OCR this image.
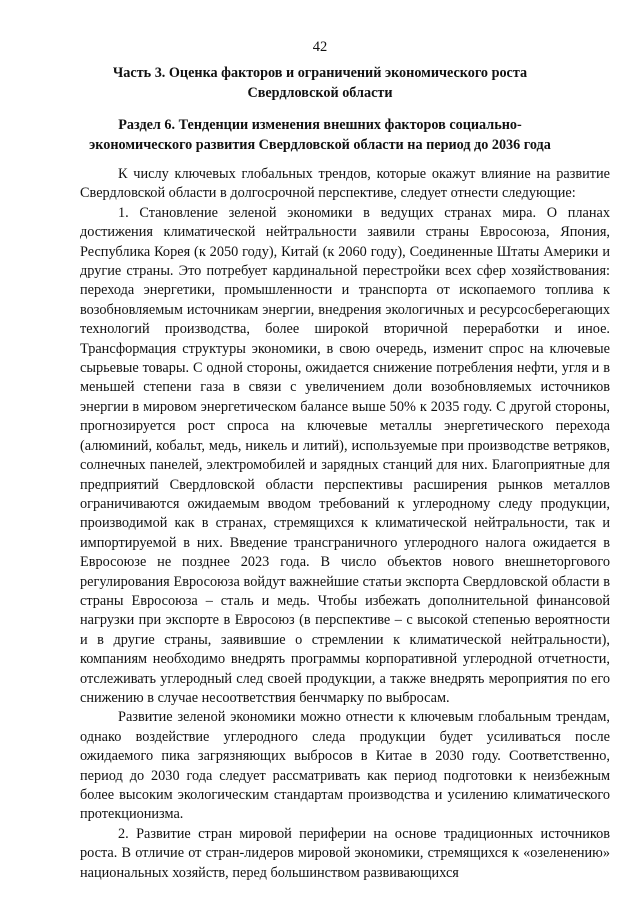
42
Часть 3. Оценка факторов и ограничений экономического роста Свердловской области
Раздел 6. Тенденции изменения внешних факторов социально-экономического развития Свердловской области на период до 2036 года

К числу ключевых глобальных трендов, которые окажут влияние на развитие Свердловской области в долгосрочной перспективе, следует отнести следующие:

1. Становление зеленой экономики в ведущих странах мира. О планах достижения климатической нейтральности заявили страны Евросоюза, Япония, Республика Корея (к 2050 году), Китай (к 2060 году), Соединенные Штаты Америки и другие страны. Это потребует кардинальной перестройки всех сфер хозяйствования: перехода энергетики, промышленности и транспорта от ископаемого топлива к возобновляемым источникам энергии, внедрения экологичных и ресурсосберегающих технологий производства, более широкой вторичной переработки и иное. Трансформация структуры экономики, в свою очередь, изменит спрос на ключевые сырьевые товары. С одной стороны, ожидается снижение потребления нефти, угля и в меньшей степени газа в связи с увеличением доли возобновляемых источников энергии в мировом энергетическом балансе выше 50% к 2035 году. С другой стороны, прогнозируется рост спроса на ключевые металлы энергетического перехода (алюминий, кобальт, медь, никель и литий), используемые при производстве ветряков, солнечных панелей, электромобилей и зарядных станций для них. Благоприятные для предприятий Свердловской области перспективы расширения рынков металлов ограничиваются ожидаемым вводом требований к углеродному следу продукции, производимой как в странах, стремящихся к климатической нейтральности, так и импортируемой в них. Введение трансграничного углеродного налога ожидается в Евросоюзе не позднее 2023 года. В число объектов нового внешнеторгового регулирования Евросоюза войдут важнейшие статьи экспорта Свердловской области в страны Евросоюза – сталь и медь. Чтобы избежать дополнительной финансовой нагрузки при экспорте в Евросоюз (в перспективе – с высокой степенью вероятности и в другие страны, заявившие о стремлении к климатической нейтральности), компаниям необходимо внедрять программы корпоративной углеродной отчетности, отслеживать углеродный след своей продукции, а также внедрять мероприятия по его снижению в случае несоответствия бенчмарку по выбросам.

Развитие зеленой экономики можно отнести к ключевым глобальным трендам, однако воздействие углеродного следа продукции будет усиливаться после ожидаемого пика загрязняющих выбросов в Китае в 2030 году. Соответственно, период до 2030 года следует рассматривать как период подготовки к неизбежным более высоким экологическим стандартам производства и усилению климатического протекционизма.

2. Развитие стран мировой периферии на основе традиционных источников роста. В отличие от стран-лидеров мировой экономики, стремящихся к «озеленению» национальных хозяйств, перед большинством развивающихся
